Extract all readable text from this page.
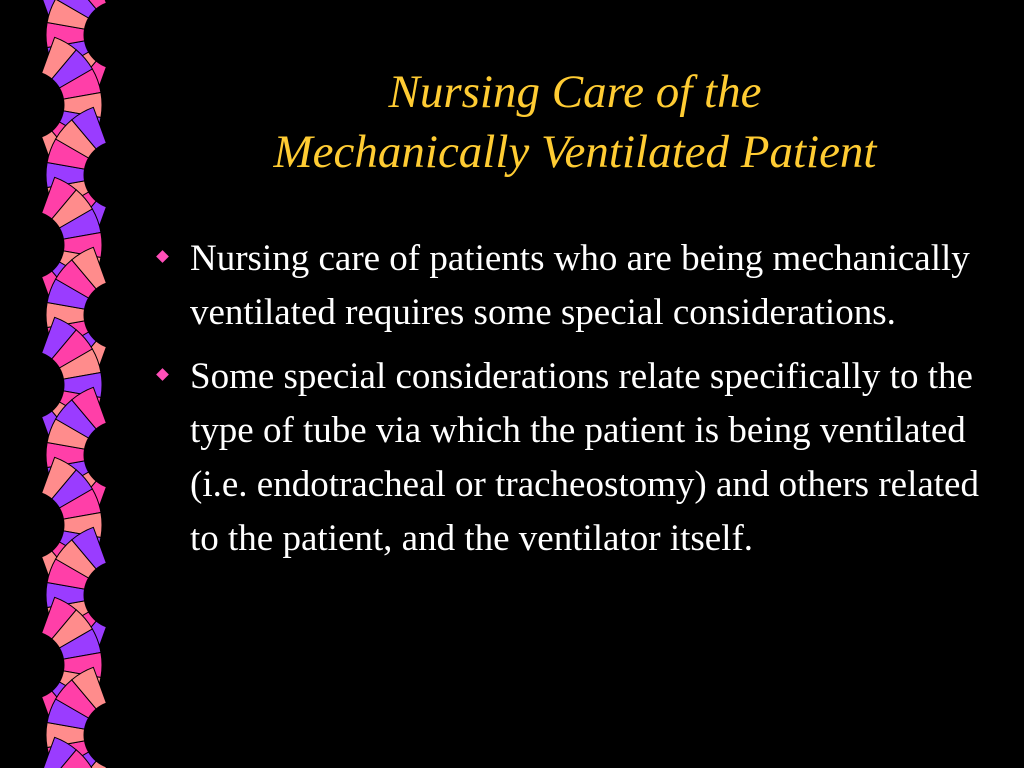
Nursing Care of the
Mechanically Ventilated Patient
Nursing care of patients who are being mechanically ventilated requires some special considerations.
Some special considerations relate specifically to the type of tube via which the patient is being ventilated (i.e. endotracheal or tracheostomy) and others related to the patient, and the ventilator itself.
